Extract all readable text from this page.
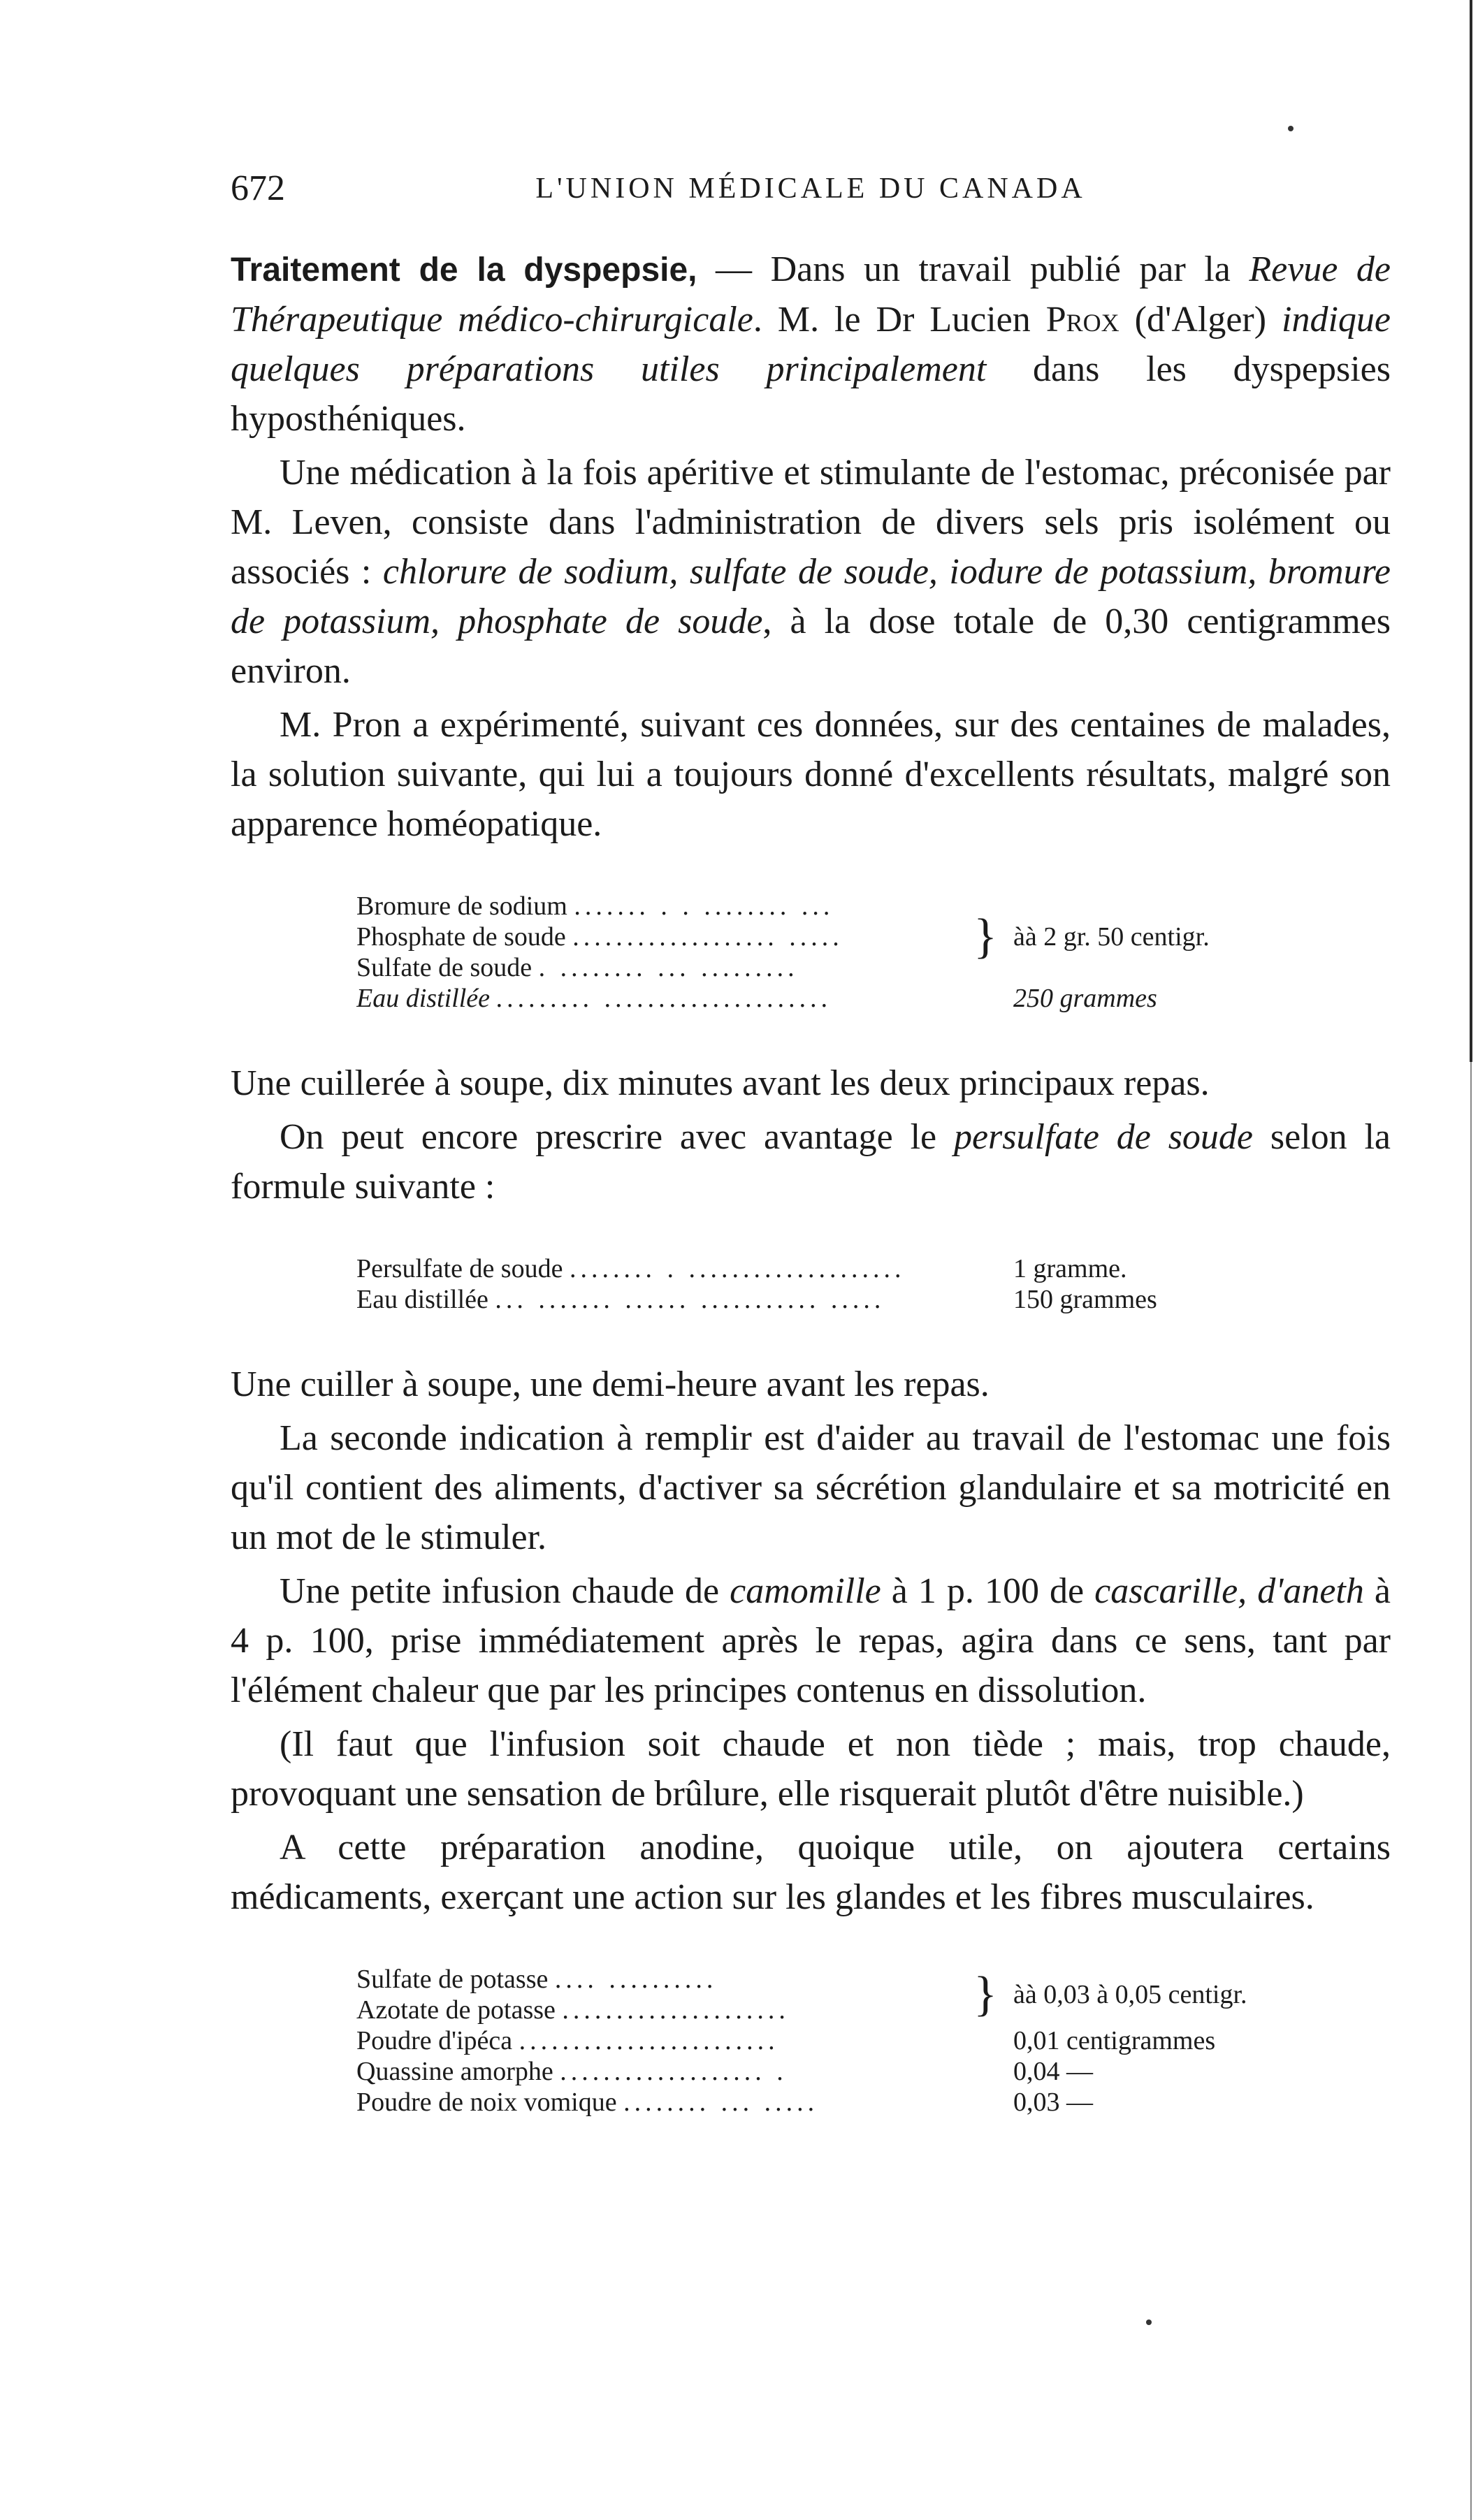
672	L'UNION MÉDICALE DU CANADA

Traitement de la dyspepsie, — Dans un travail publié par la Revue de Thérapeutique médico-chirurgicale. M. le Dr Lucien Prox (d'Alger) indique quelques préparations utiles principalement dans les dyspepsies hyposthéniques.

Une médication à la fois apéritive et stimulante de l'estomac, préconisée par M. Leven, consiste dans l'administration de divers sels pris isolément ou associés : chlorure de sodium, sulfate de soude, iodure de potassium, bromure de potassium, phosphate de soude, à la dose totale de 0,30 centigrammes environ.

M. Pron a expérimenté, suivant ces données, sur des centaines de malades, la solution suivante, qui lui a toujours donné d'excellents résultats, malgré son apparence homéopatique.

Bromure de sodium ....... . . ........ ...	}	àà 2 gr. 50 centigr.
Phosphate de soude ................... .....		
Sulfate de soude . ........ ... .........		
Eau distillée ......... .....................		250 grammes

Une cuillerée à soupe, dix minutes avant les deux principaux repas.

On peut encore prescrire avec avantage le persulfate de soude selon la formule suivante :

Persulfate de soude ........ . ....................		1 gramme.
Eau distillée ... ....... ...... ........... .....		150 grammes

Une cuiller à soupe, une demi-heure avant les repas.

La seconde indication à remplir est d'aider au travail de l'estomac une fois qu'il contient des aliments, d'activer sa sécrétion glandulaire et sa motricité en un mot de le stimuler.

Une petite infusion chaude de camomille à 1 p. 100 de cascarille, d'aneth à 4 p. 100, prise immédiatement après le repas, agira dans ce sens, tant par l'élément chaleur que par les principes contenus en dissolution.

(Il faut que l'infusion soit chaude et non tiède ; mais, trop chaude, provoquant une sensation de brûlure, elle risquerait plutôt d'être nuisible.)

A cette préparation anodine, quoique utile, on ajoutera certains médicaments, exerçant une action sur les glandes et les fibres musculaires.

Sulfate de potasse .... ..........	}	àà 0,03 à 0,05 centigr.
Azotate de potasse .....................		
Poudre d'ipéca ........................		0,01 centigrammes
Quassine amorphe ................... .		0,04 —
Poudre de noix vomique ........ ... .....		0,03 —
